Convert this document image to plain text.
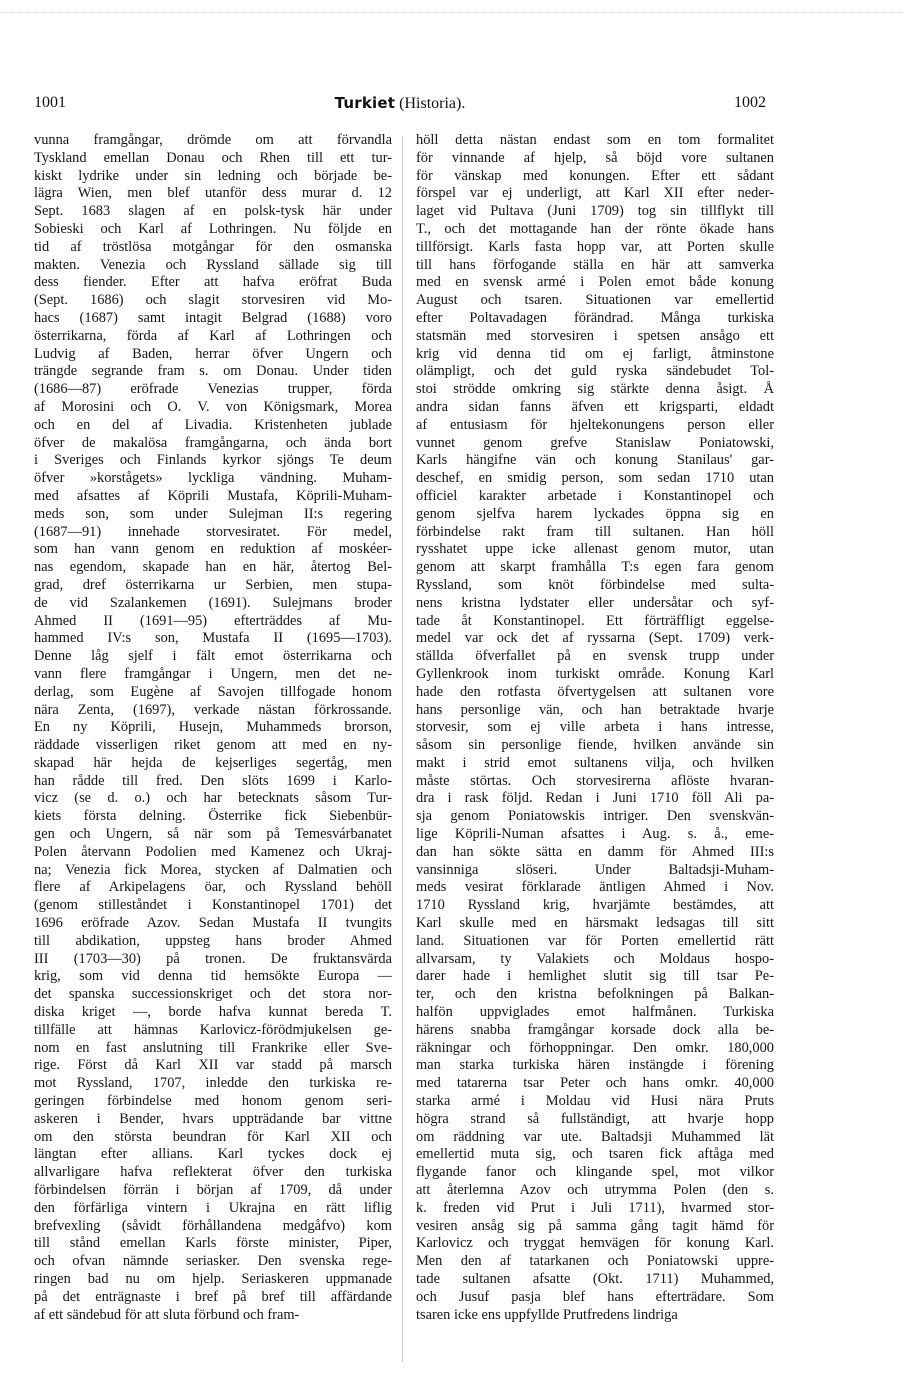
1001	Turkiet (Historia).	1002
vunna framgångar, drömde om att förvandla
Tyskland emellan Donau och Rhen till ett tur-
kiskt lydrike under sin ledning och började be-
lägra Wien, men blef utanför dess murar d. 12
Sept. 1683 slagen af en polsk-tysk här under
Sobieski och Karl af Lothringen. Nu följde en
tid af tröstlösa motgångar för den osmanska
makten. Venezia och Ryssland sällade sig till
dess fiender. Efter att hafva eröfrat Buda
(Sept. 1686) och slagit storvesiren vid Mo-
hacs (1687) samt intagit Belgrad (1688) voro
österrikarna, förda af Karl af Lothringen och
Ludvig af Baden, herrar öfver Ungern och
trängde segrande fram s. om Donau. Under tiden
(1686—87) eröfrade Venezias trupper, förda
af Morosini och O. V. von Königsmark, Morea
och en del af Livadia. Kristenheten jublade
öfver de makalösa framgångarna, och ända bort
i Sveriges och Finlands kyrkor sjöngs Te deum
öfver »korstågets» lyckliga vändning. Muham-
med afsattes af Köprili Mustafa, Köprili-Muham-
meds son, som under Sulejman II:s regering
(1687—91) innehade storvesiratet. För medel,
som han vann genom en reduktion af moskéer-
nas egendom, skapade han en här, återtog Bel-
grad, dref österrikarna ur Serbien, men stupa-
de vid Szalankemen (1691). Sulejmans broder
Ahmed II (1691—95) efterträddes af Mu-
hammed IV:s son, Mustafa II (1695—1703).
Denne låg sjelf i fält emot österrikarna och
vann flere framgångar i Ungern, men det ne-
derlag, som Eugène af Savojen tillfogade honom
nära Zenta, (1697), verkade nästan förkrossande.
En ny Köprili, Husejn, Muhammeds brorson,
räddade visserligen riket genom att med en ny-
skapad här hejda de kejserliges segertåg, men
han rådde till fred. Den slöts 1699 i Karlo-
vicz (se d. o.) och har betecknats såsom Tur-
kiets första delning. Österrike fick Siebenbür-
gen och Ungern, så när som på Temesvárbanatet
Polen återvann Podolien med Kamenez och Ukraj-
na; Venezia fick Morea, stycken af Dalmatien och
flere af Arkipelagens öar, och Ryssland behöll
(genom stilleståndet i Konstantinopel 1701) det
1696 eröfrade Azov. Sedan Mustafa II tvungits
till abdikation, uppsteg hans broder Ahmed
III (1703—30) på tronen. De fruktansvärda
krig, som vid denna tid hemsökte Europa —
det spanska successionskriget och det stora nor-
diska kriget —, borde hafva kunnat bereda T.
tillfälle att hämnas Karlovicz-förödmjukelsen ge-
nom en fast anslutning till Frankrike eller Sve-
rige. Först då Karl XII var stadd på marsch
mot Ryssland, 1707, inledde den turkiska re-
geringen förbindelse med honom genom seri-
askeren i Bender, hvars uppträdande bar vittne
om den största beundran för Karl XII och
längtan efter allians. Karl tyckes dock ej
allvarligare hafva reflekterat öfver den turkiska
förbindelsen förrän i början af 1709, då under
den förfärliga vintern i Ukrajna en rätt liflig
brefvexling (såvidt förhållandena medgåfvo) kom
till stånd emellan Karls förste minister, Piper,
och ofvan nämnde seriasker. Den svenska rege-
ringen bad nu om hjelp. Seriaskeren uppmanade
på det enträgnaste i bref på bref till affärdande
af ett sändebud för att sluta förbund och fram-
höll detta nästan endast som en tom formalitet
för vinnande af hjelp, så böjd vore sultanen
för vänskap med konungen. Efter ett sådant
förspel var ej underligt, att Karl XII efter neder-
laget vid Pultava (Juni 1709) tog sin tillflykt till
T., och det mottagande han der rönte ökade hans
tillförsigt. Karls fasta hopp var, att Porten skulle
till hans förfogande ställa en här att samverka
med en svensk armé i Polen emot både konung
August och tsaren. Situationen var emellertid
efter Poltavadagen förändrad. Många turkiska
statsmän med storvesiren i spetsen ansågo ett
krig vid denna tid om ej farligt, åtminstone
olämpligt, och det guld ryska sändebudet Tol-
stoi strödde omkring sig stärkte denna åsigt. Å
andra sidan fanns äfven ett krigsparti, eldadt
af entusiasm för hjeltekonungens person eller
vunnet genom grefve Stanislaw Poniatowski,
Karls hängifne vän och konung Stanilaus' gar-
deschef, en smidig person, som sedan 1710 utan
officiel karakter arbetade i Konstantinopel och
genom sjelfva harem lyckades öppna sig en
förbindelse rakt fram till sultanen. Han höll
rysshatet uppe icke allenast genom mutor, utan
genom att skarpt framhålla T:s egen fara genom
Ryssland, som knöt förbindelse med sulta-
nens kristna lydstater eller undersåtar och syf-
tade åt Konstantinopel. Ett förträffligt eggelse-
medel var ock det af ryssarna (Sept. 1709) verk-
ställda öfverfallet på en svensk trupp under
Gyllenkrook inom turkiskt område. Konung Karl
hade den rotfasta öfvertygelsen att sultanen vore
hans personlige vän, och han betraktade hvarje
storvesir, som ej ville arbeta i hans intresse,
såsom sin personlige fiende, hvilken använde sin
makt i strid emot sultanens vilja, och hvilken
måste störtas. Och storvesirerna aflöste hvaran-
dra i rask följd. Redan i Juni 1710 föll Ali pa-
sja genom Poniatowskis intriger. Den svenskvän-
lige Köprili-Numan afsattes i Aug. s. å., eme-
dan han sökte sätta en damm för Ahmed III:s
vansinniga slöseri. Under Baltadsji-Muham-
meds vesirat förklarade äntligen Ahmed i Nov.
1710 Ryssland krig, hvarjämte bestämdes, att
Karl skulle med en härsmakt ledsagas till sitt
land. Situationen var för Porten emellertid rätt
allvarsam, ty Valakiets och Moldaus hospo-
darer hade i hemlighet slutit sig till tsar Pe-
ter, och den kristna befolkningen på Balkan-
halfön uppviglades emot halfmånen. Turkiska
härens snabba framgångar korsade dock alla be-
räkningar och förhoppningar. Den omkr. 180,000
man starka turkiska hären instängde i förening
med tatarerna tsar Peter och hans omkr. 40,000
starka armé i Moldau vid Husi nära Pruts
högra strand så fullständigt, att hvarje hopp
om räddning var ute. Baltadsji Muhammed lät
emellertid muta sig, och tsaren fick aftåga med
flygande fanor och klingande spel, mot vilkor
att återlemna Azov och utrymma Polen (den s.
k. freden vid Prut i Juli 1711), hvarmed stor-
vesiren ansåg sig på samma gång tagit hämd för
Karlovicz och tryggat hemvägen för konung Karl.
Men den af tatarkanen och Poniatowski uppre-
tade sultanen afsatte (Okt. 1711) Muhammed,
och Jusuf pasja blef hans efterträdare. Som
tsaren icke ens uppfyllde Prutfredens lindriga
